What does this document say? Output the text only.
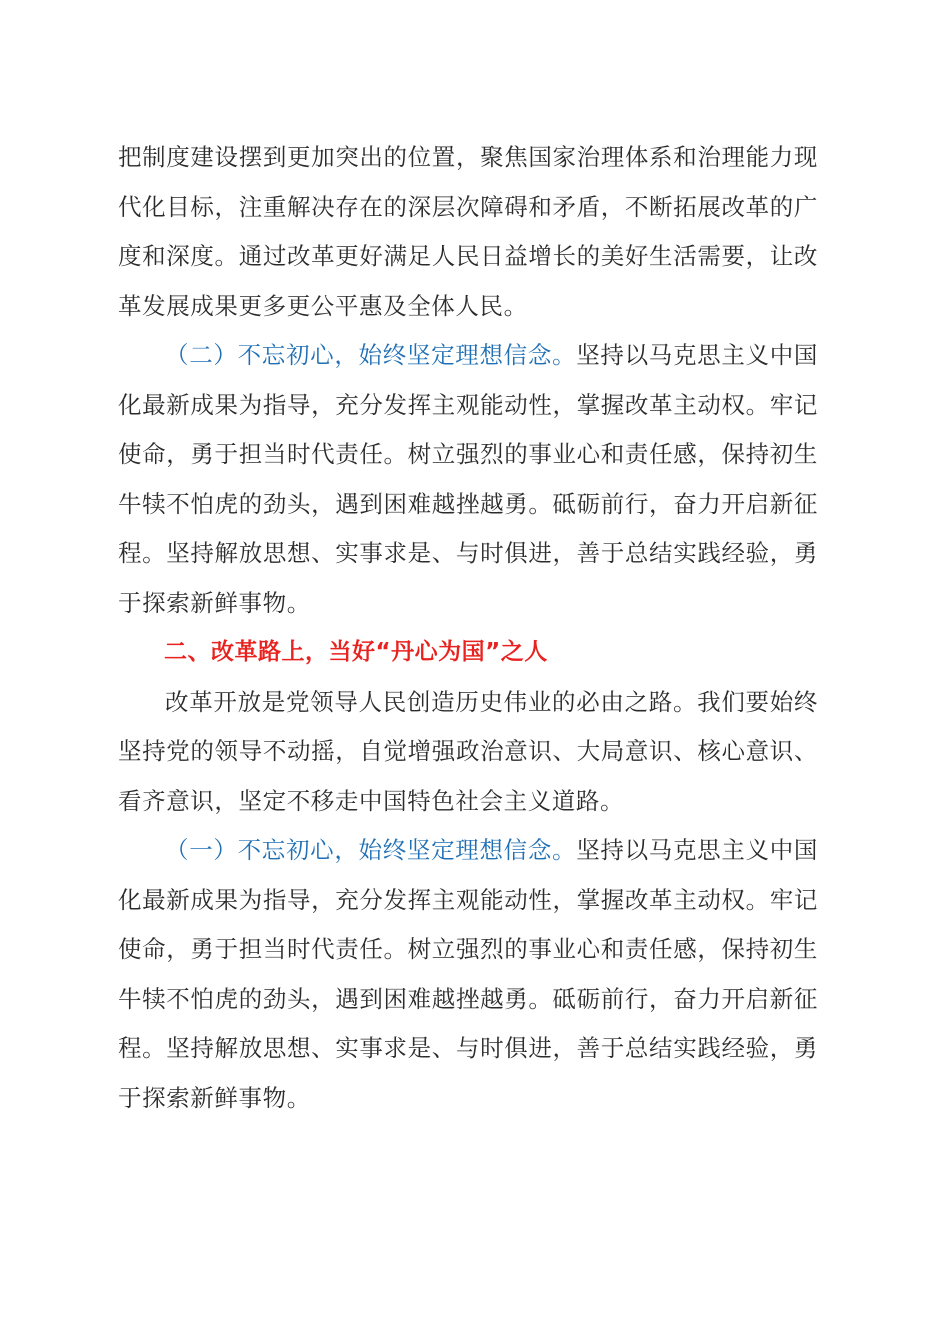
把制度建设摆到更加突出的位置，聚焦国家治理体系和治理能力现代化目标，注重解决存在的深层次障碍和矛盾，不断拓展改革的广度和深度。通过改革更好满足人民日益增长的美好生活需要，让改革发展成果更多更公平惠及全体人民。

（二）不忘初心，始终坚定理想信念。坚持以马克思主义中国化最新成果为指导，充分发挥主观能动性，掌握改革主动权。牢记使命，勇于担当时代责任。树立强烈的事业心和责任感，保持初生牛犊不怕虎的劲头，遇到困难越挫越勇。砥砺前行，奋力开启新征程。坚持解放思想、实事求是、与时俱进，善于总结实践经验，勇于探索新鲜事物。

二、改革路上，当好“丹心为国”之人

改革开放是党领导人民创造历史伟业的必由之路。我们要始终坚持党的领导不动摇，自觉增强政治意识、大局意识、核心意识、看齐意识，坚定不移走中国特色社会主义道路。

（一）不忘初心，始终坚定理想信念。坚持以马克思主义中国化最新成果为指导，充分发挥主观能动性，掌握改革主动权。牢记使命，勇于担当时代责任。树立强烈的事业心和责任感，保持初生牛犊不怕虎的劲头，遇到困难越挫越勇。砥砺前行，奋力开启新征程。坚持解放思想、实事求是、与时俱进，善于总结实践经验，勇于探索新鲜事物。
